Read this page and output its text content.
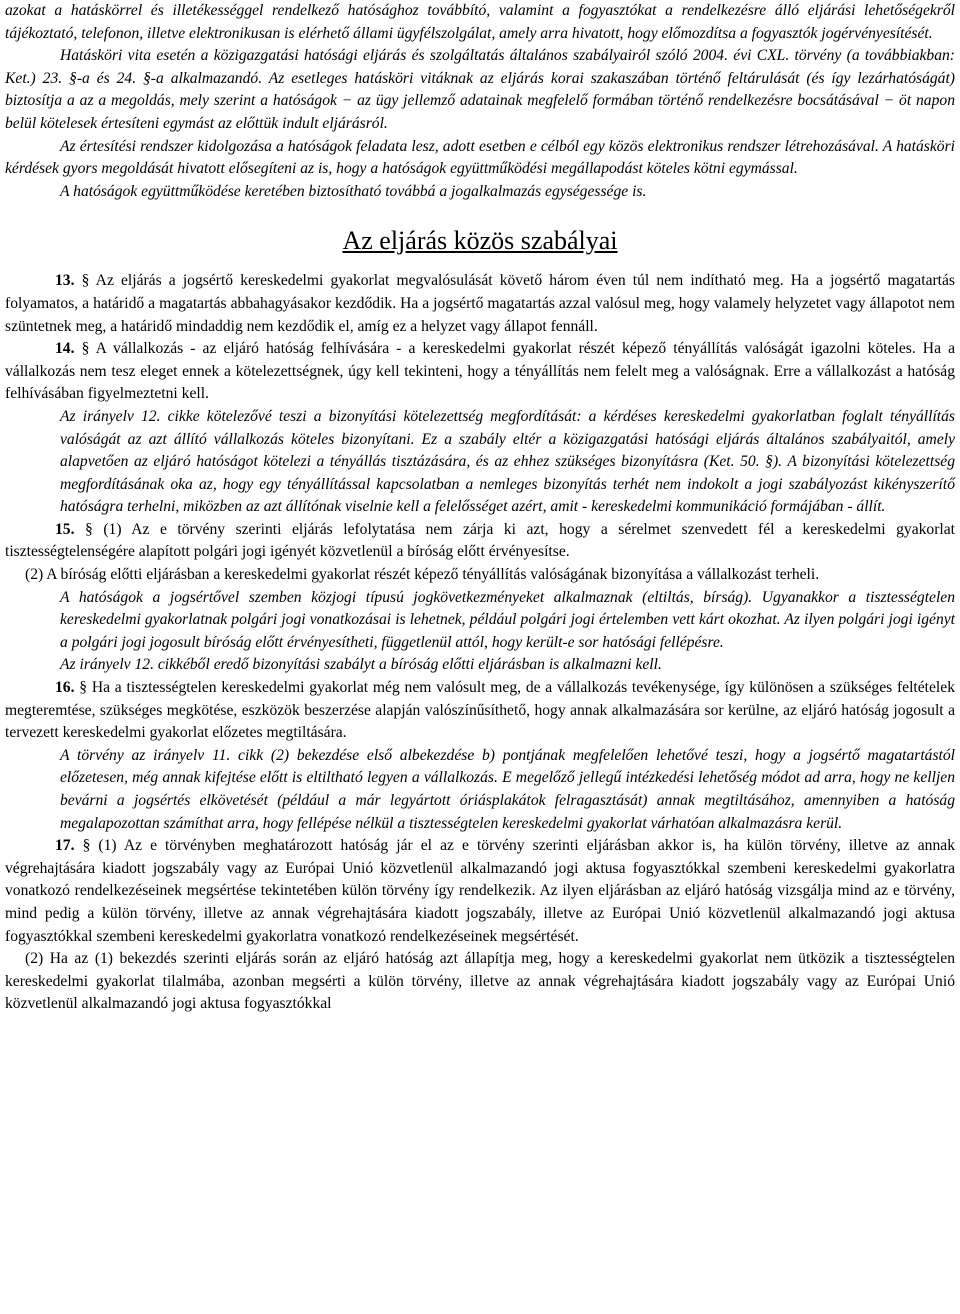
azokat a hatáskörrel és illetékességgel rendelkező hatósághoz továbbító, valamint a fogyasztókat a rendelkezésre álló eljárási lehetőségekről tájékoztató, telefonon, illetve elektronikusan is elérhető állami ügyfélszolgálat, amely arra hivatott, hogy előmozdítsa a fogyasztók jogérvényesítését.

Hatásköri vita esetén a közigazgatási hatósági eljárás és szolgáltatás általános szabályairól szóló 2004. évi CXL. törvény (a továbbiakban: Ket.) 23. §-a és 24. §-a alkalmazandó. Az esetleges hatásköri vitáknak az eljárás korai szakaszában történő feltárulását (és így lezárhatóságát) biztosítja a az a megoldás, mely szerint a hatóságok − az ügy jellemző adatainak megfelelő formában történő rendelkezésre bocsátásával − öt napon belül kötelesek értesíteni egymást az előttük indult eljárásról.

Az értesítési rendszer kidolgozása a hatóságok feladata lesz, adott esetben e célból egy közös elektronikus rendszer létrehozásával. A hatásköri kérdések gyors megoldását hivatott elősegíteni az is, hogy a hatóságok együttműködési megállapodást köteles kötni egymással.

A hatóságok együttműködése keretében biztosítható továbbá a jogalkalmazás egységessége is.

Az eljárás közös szabályai

13. § Az eljárás a jogsértő kereskedelmi gyakorlat megvalósulását követő három éven túl nem indítható meg. Ha a jogsértő magatartás folyamatos, a határidő a magatartás abbahagyásakor kezdődik. Ha a jogsértő magatartás azzal valósul meg, hogy valamely helyzetet vagy állapotot nem szüntetnek meg, a határidő mindaddig nem kezdődik el, amíg ez a helyzet vagy állapot fennáll.

14. § A vállalkozás - az eljáró hatóság felhívására - a kereskedelmi gyakorlat részét képező tényállítás valóságát igazolni köteles. Ha a vállalkozás nem tesz eleget ennek a kötelezettségnek, úgy kell tekinteni, hogy a tényállítás nem felelt meg a valóságnak. Erre a vállalkozást a hatóság felhívásában figyelmeztetni kell.

Az irányelv 12. cikke kötelezővé teszi a bizonyítási kötelezettség megfordítását: a kérdéses kereskedelmi gyakorlatban foglalt tényállítás valóságát az azt állító vállalkozás köteles bizonyítani. Ez a szabály eltér a közigazgatási hatósági eljárás általános szabályaitól, amely alapvetően az eljáró hatóságot kötelezi a tényállás tisztázására, és az ehhez szükséges bizonyításra (Ket. 50. §). A bizonyítási kötelezettség megfordításának oka az, hogy egy tényállítással kapcsolatban a nemleges bizonyítás terhét nem indokolt a jogi szabályozást kikényszerítő hatóságra terhelni, miközben az azt állítónak viselnie kell a felelősséget azért, amit - kereskedelmi kommunikáció formájában - állít.

15. § (1) Az e törvény szerinti eljárás lefolytatása nem zárja ki azt, hogy a sérelmet szenvedett fél a kereskedelmi gyakorlat tisztességtelenségére alapított polgári jogi igényét közvetlenül a bíróság előtt érvényesítse.

(2) A bíróság előtti eljárásban a kereskedelmi gyakorlat részét képező tényállítás valóságának bizonyítása a vállalkozást terheli.

A hatóságok a jogsértővel szemben közjogi típusú jogkövetkezményeket alkalmaznak (eltiltás, bírság). Ugyanakkor a tisztességtelen kereskedelmi gyakorlatnak polgári jogi vonatkozásai is lehetnek, például polgári jogi értelemben vett kárt okozhat. Az ilyen polgári jogi igényt a polgári jogi jogosult bíróság előtt érvényesítheti, függetlenül attól, hogy került-e sor hatósági fellépésre.

Az irányelv 12. cikkéből eredő bizonyítási szabályt a bíróság előtti eljárásban is alkalmazni kell.

16. § Ha a tisztességtelen kereskedelmi gyakorlat még nem valósult meg, de a vállalkozás tevékenysége, így különösen a szükséges feltételek megteremtése, szükséges megkötése, eszközök beszerzése alapján valószínűsíthető, hogy annak alkalmazására sor kerülne, az eljáró hatóság jogosult a tervezett kereskedelmi gyakorlat előzetes megtiltására.

A törvény az irányelv 11. cikk (2) bekezdése első albekezdése b) pontjának megfelelően lehetővé teszi, hogy a jogsértő magatartástól előzetesen, még annak kifejtése előtt is eltiltható legyen a vállalkozás. E megelőző jellegű intézkedési lehetőség módot ad arra, hogy ne kelljen bevárni a jogsértés elkövetését (például a már legyártott óriásplakátok felragasztását) annak megtiltásához, amennyiben a hatóság megalapozottan számíthat arra, hogy fellépése nélkül a tisztességtelen kereskedelmi gyakorlat várhatóan alkalmazásra kerül.

17. § (1) Az e törvényben meghatározott hatóság jár el az e törvény szerinti eljárásban akkor is, ha külön törvény, illetve az annak végrehajtására kiadott jogszabály vagy az Európai Unió közvetlenül alkalmazandó jogi aktusa fogyasztókkal szembeni kereskedelmi gyakorlatra vonatkozó rendelkezéseinek megsértése tekintetében külön törvény így rendelkezik. Az ilyen eljárásban az eljáró hatóság vizsgálja mind az e törvény, mind pedig a külön törvény, illetve az annak végrehajtására kiadott jogszabály, illetve az Európai Unió közvetlenül alkalmazandó jogi aktusa fogyasztókkal szembeni kereskedelmi gyakorlatra vonatkozó rendelkezéseinek megsértését.

(2) Ha az (1) bekezdés szerinti eljárás során az eljáró hatóság azt állapítja meg, hogy a kereskedelmi gyakorlat nem ütközik a tisztességtelen kereskedelmi gyakorlat tilalmába, azonban megsérti a külön törvény, illetve az annak végrehajtására kiadott jogszabály vagy az Európai Unió közvetlenül alkalmazandó jogi aktusa fogyasztókkal
